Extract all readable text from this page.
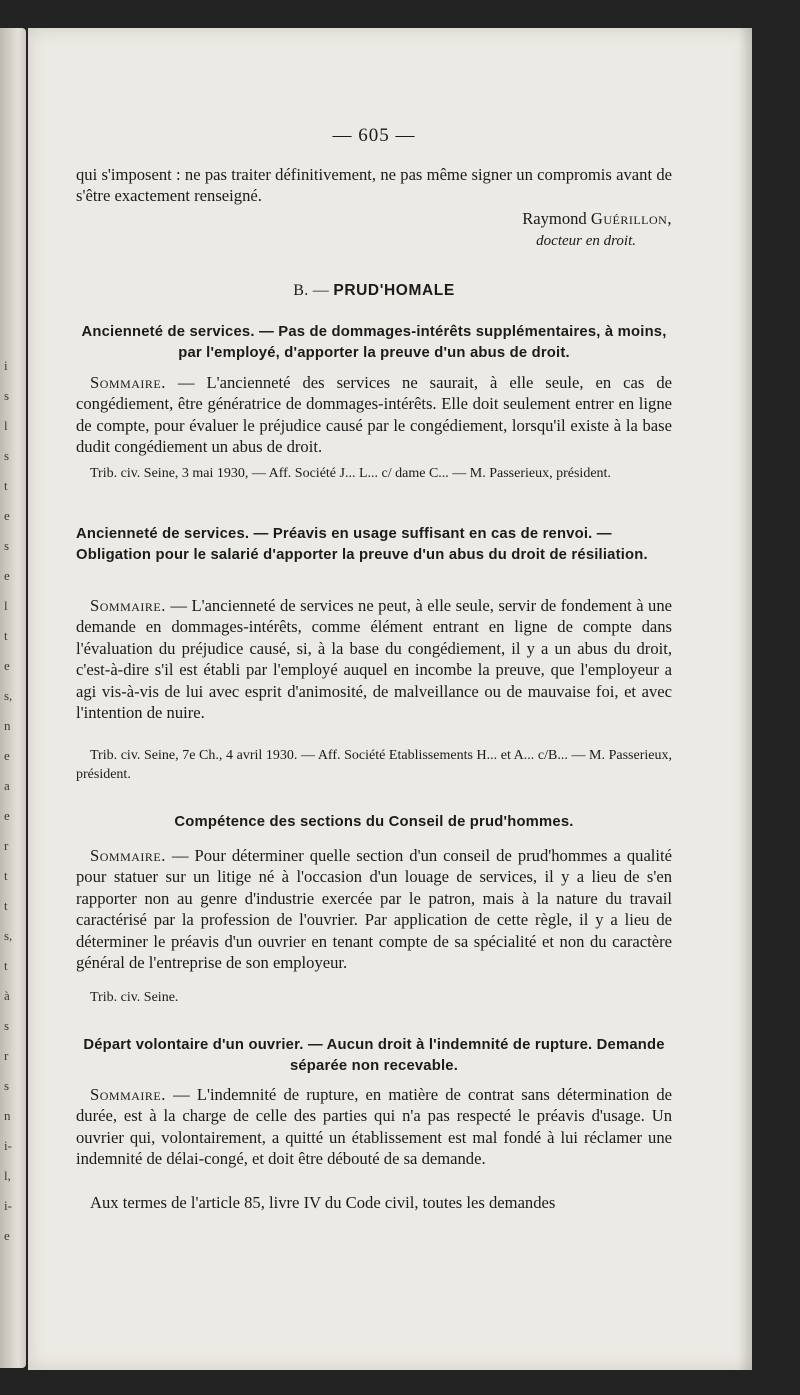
i
s
l
s
t
e
s
e
l
t
e
s,
n
e
a
e
r
t
t
s,
t
à
s
r
s
n
i-
l,
i-
e
— 605 —

qui s'imposent : ne pas traiter définitivement, ne pas même signer un compromis avant de s'être exactement renseigné.

Raymond Guérillon,
docteur en droit.
B. — PRUD'HOMALE

Ancienneté de services. — Pas de dommages-intérêts supplémentaires, à moins, par l'employé, d'apporter la preuve d'un abus de droit.

Sommaire. — L'ancienneté des services ne saurait, à elle seule, en cas de congédiement, être génératrice de dommages-intérêts. Elle doit seulement entrer en ligne de compte, pour évaluer le préjudice causé par le congédiement, lorsqu'il existe à la base dudit congédiement un abus de droit.

Trib. civ. Seine, 3 mai 1930, — Aff. Société J... L... c/ dame C... — M. Passerieux, président.

Ancienneté de services. — Préavis en usage suffisant en cas de renvoi. — Obligation pour le salarié d'apporter la preuve d'un abus du droit de résiliation.

Sommaire. — L'ancienneté de services ne peut, à elle seule, servir de fondement à une demande en dommages-intérêts, comme élément entrant en ligne de compte dans l'évaluation du préjudice causé, si, à la base du congédiement, il y a un abus du droit, c'est-à-dire s'il est établi par l'employé auquel en incombe la preuve, que l'employeur a agi vis-à-vis de lui avec esprit d'animosité, de malveillance ou de mauvaise foi, et avec l'intention de nuire.

Trib. civ. Seine, 7e Ch., 4 avril 1930. — Aff. Société Etablissements H... et A... c/B... — M. Passerieux, président.

Compétence des sections du Conseil de prud'hommes.

Sommaire. — Pour déterminer quelle section d'un conseil de prud'hommes a qualité pour statuer sur un litige né à l'occasion d'un louage de services, il y a lieu de s'en rapporter non au genre d'industrie exercée par le patron, mais à la nature du travail caractérisé par la profession de l'ouvrier. Par application de cette règle, il y a lieu de déterminer le préavis d'un ouvrier en tenant compte de sa spécialité et non du caractère général de l'entreprise de son employeur.

Trib. civ. Seine.

Départ volontaire d'un ouvrier. — Aucun droit à l'indemnité de rupture. Demande séparée non recevable.

Sommaire. — L'indemnité de rupture, en matière de contrat sans détermination de durée, est à la charge de celle des parties qui n'a pas respecté le préavis d'usage. Un ouvrier qui, volontairement, a quitté un établissement est mal fondé à lui réclamer une indemnité de délai-congé, et doit être débouté de sa demande.

Aux termes de l'article 85, livre IV du Code civil, toutes les demandes
